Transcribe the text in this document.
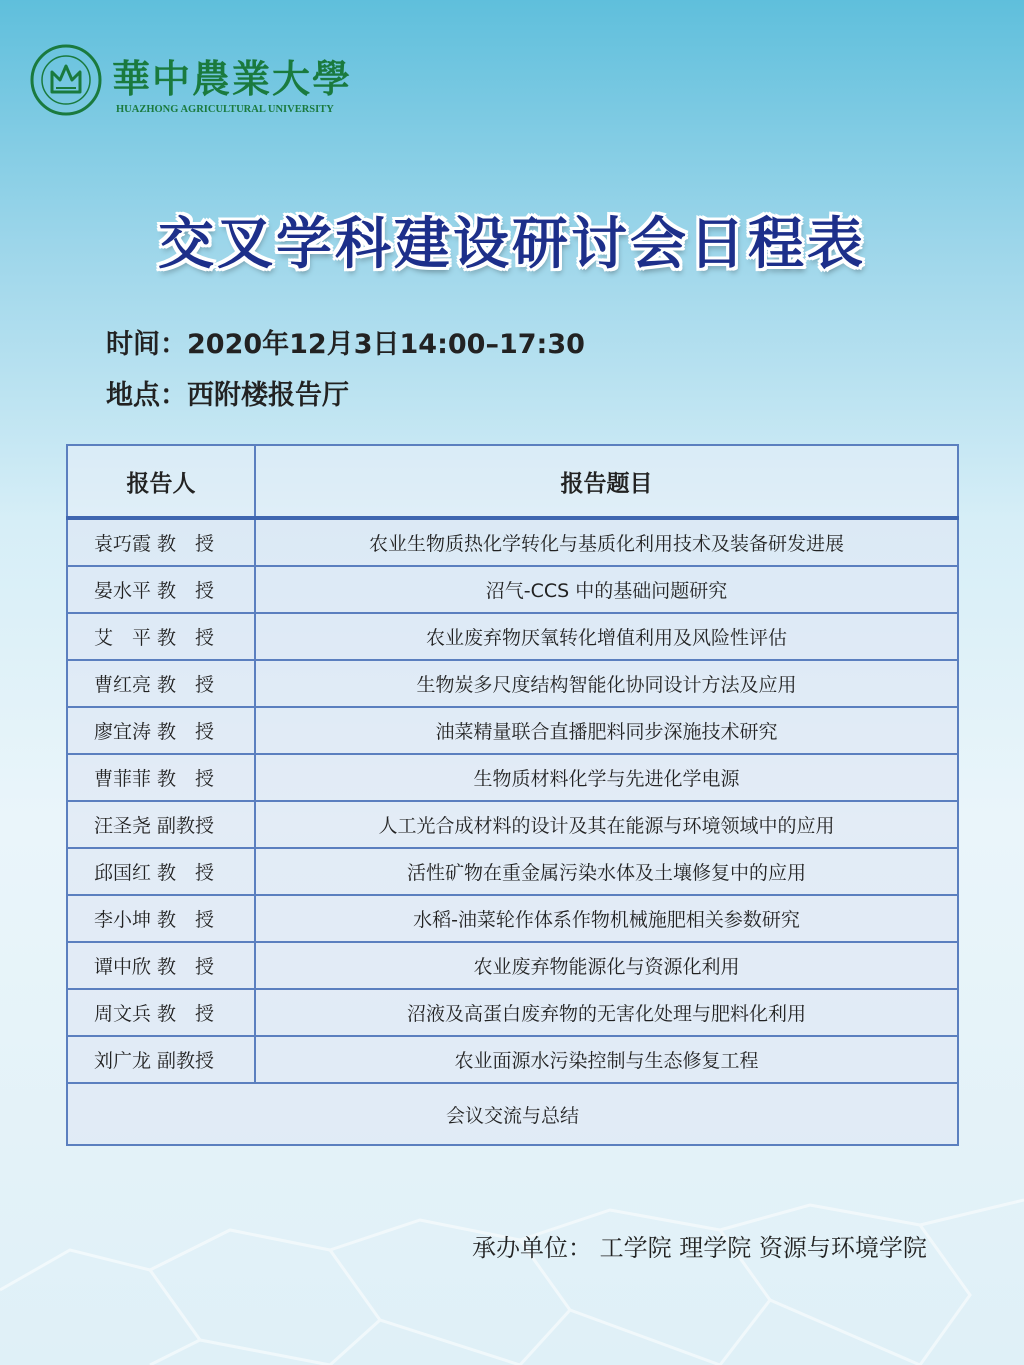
華中農業大學
HUAZHONG AGRICULTURAL UNIVERSITY
交叉学科建设研讨会日程表
时间：2020年12月3日14:00–17:30
地点：西附楼报告厅
报告人	报告题目
袁巧霞 教　授	农业生物质热化学转化与基质化利用技术及装备研发进展
晏水平 教　授	沼气-CCS 中的基础问题研究
艾　平 教　授	农业废弃物厌氧转化增值利用及风险性评估
曹红亮 教　授	生物炭多尺度结构智能化协同设计方法及应用
廖宜涛 教　授	油菜精量联合直播肥料同步深施技术研究
曹菲菲 教　授	生物质材料化学与先进化学电源
汪圣尧 副教授	人工光合成材料的设计及其在能源与环境领域中的应用
邱国红 教　授	活性矿物在重金属污染水体及土壤修复中的应用
李小坤 教　授	水稻-油菜轮作体系作物机械施肥相关参数研究
谭中欣 教　授	农业废弃物能源化与资源化利用
周文兵 教　授	沼液及高蛋白废弃物的无害化处理与肥料化利用
刘广龙 副教授	农业面源水污染控制与生态修复工程
会议交流与总结	
承办单位： 工学院 理学院 资源与环境学院
